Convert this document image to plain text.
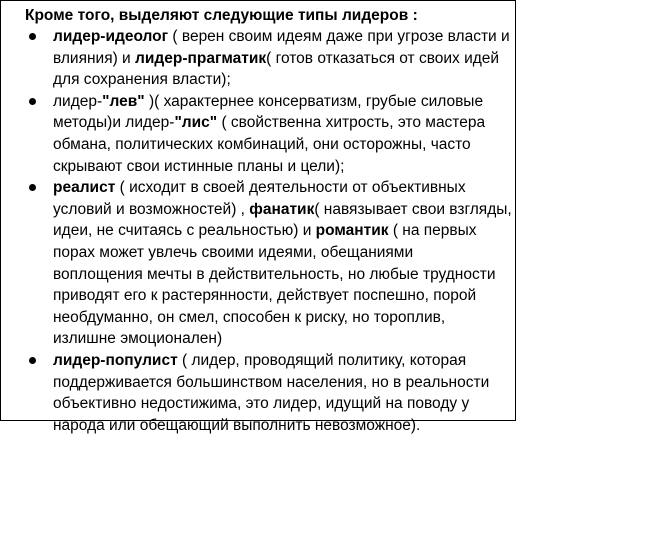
Кроме того, выделяют следующие типы лидеров :
лидер-идеолог ( верен своим идеям даже при угрозе власти и
влияния) и лидер-прагматик( готов отказаться от своих идей
для сохранения власти);
лидер-"лев" )( характернее консерватизм, грубые силовые
методы)и лидер-"лис" ( свойственна хитрость, это мастера
обмана, политических комбинаций, они осторожны, часто
скрывают свои истинные планы и цели);
реалист ( исходит в своей деятельности от объективных
условий и возможностей) , фанатик( навязывает свои взгляды,
идеи, не считаясь с реальностью) и романтик ( на первых
порах может увлечь своими идеями, обещаниями
воплощения мечты в действительность, но любые трудности
приводят его к растерянности, действует поспешно, порой
необдуманно, он смел, способен к риску, но тороплив,
излишне эмоционален)
лидер-популист ( лидер, проводящий политику, которая
поддерживается большинством населения, но в реальности
объективно недостижима, это лидер, идущий на поводу у
народа или обещающий выполнить невозможное).
